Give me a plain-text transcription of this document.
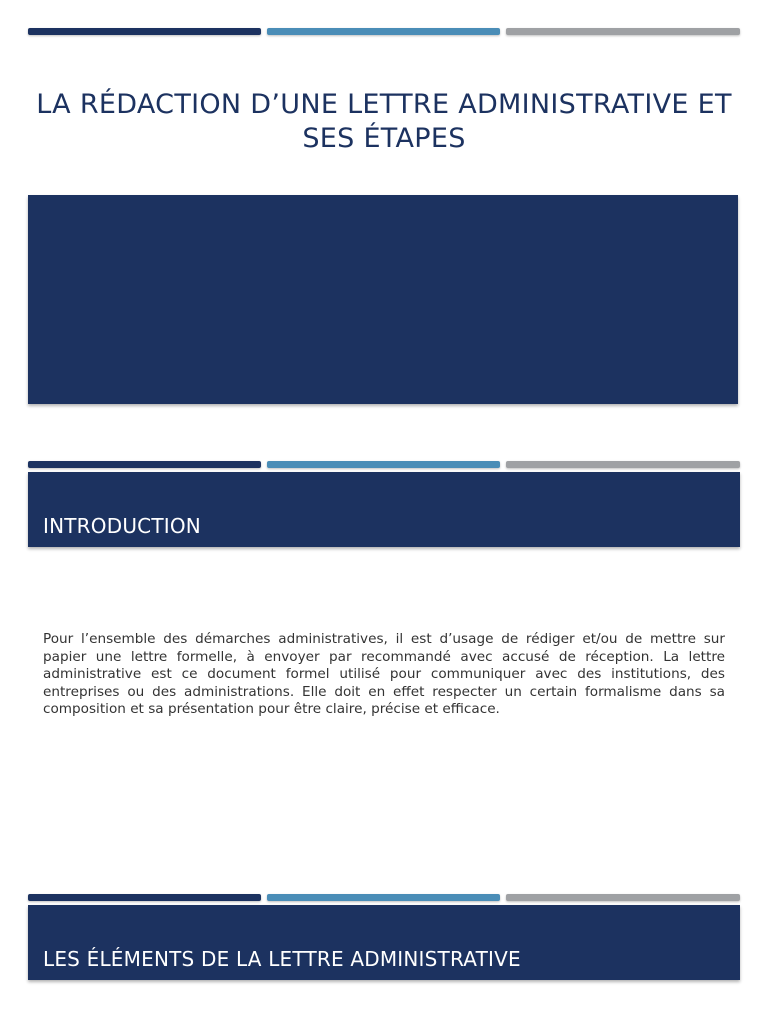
LA RÉDACTION D’UNE LETTRE ADMINISTRATIVE ET SES ÉTAPES
INTRODUCTION
Pour l’ensemble des démarches administratives, il est d’usage de rédiger et/ou de mettre sur papier une lettre formelle, à envoyer par recommandé avec accusé de réception. La lettre administrative est ce document formel utilisé pour communiquer avec des institutions, des entreprises ou des administrations. Elle doit en effet respecter un certain formalisme dans sa composition et sa présentation pour être claire, précise et efficace.
LES ÉLÉMENTS DE LA LETTRE ADMINISTRATIVE
